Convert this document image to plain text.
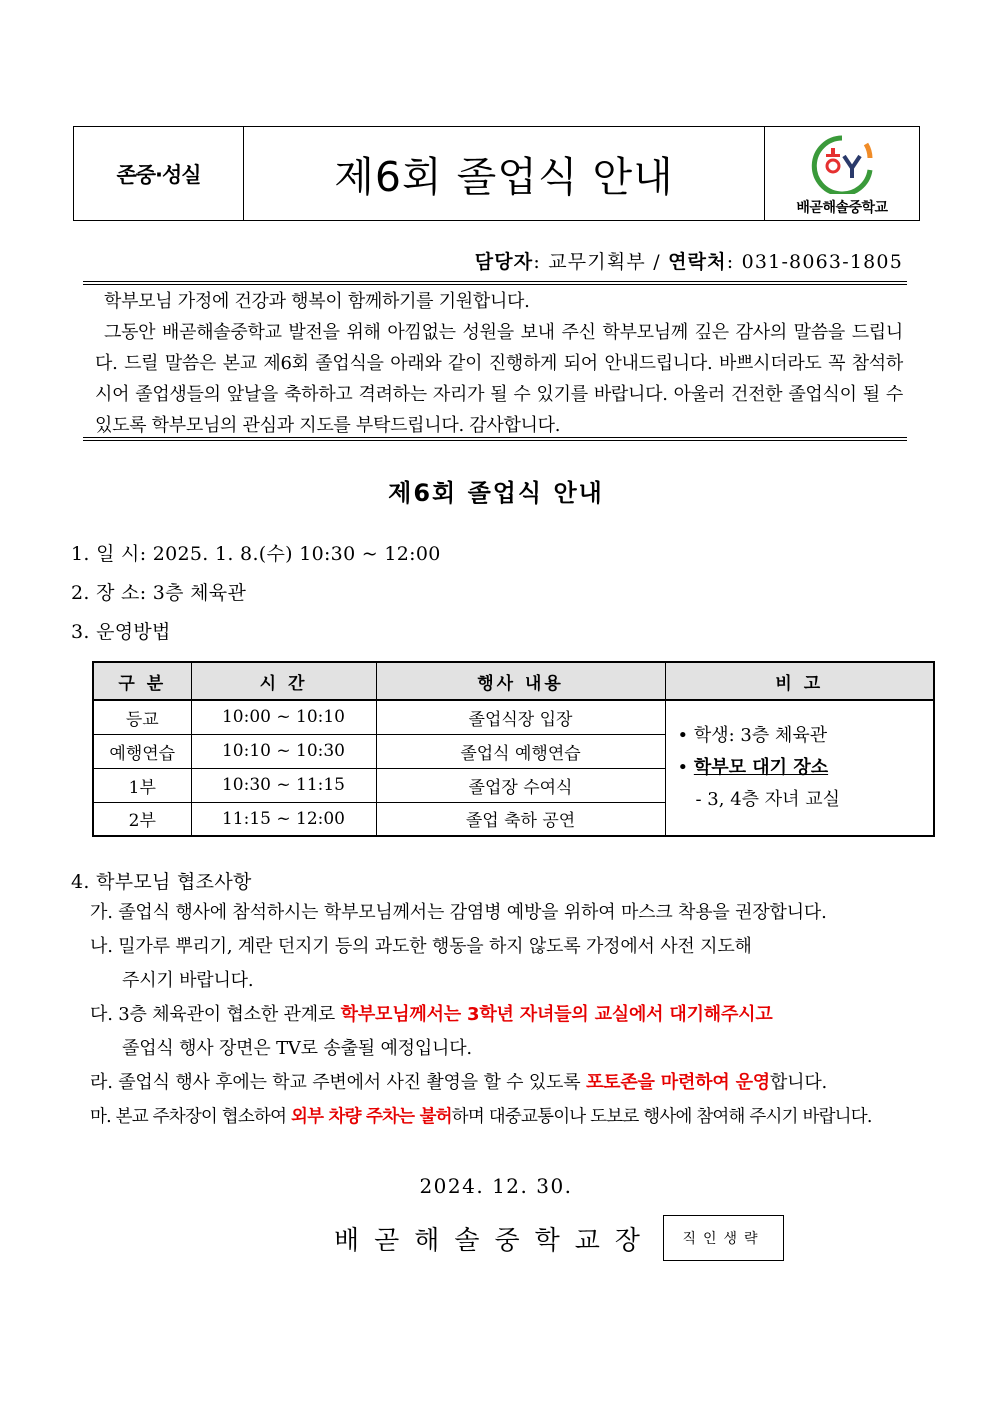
존중·성실	제6회 졸업식 안내
배곧해솔중학교
담당자: 교무기획부 / 연락처: 031-8063-1805

학부모님 가정에 건강과 행복이 함께하기를 기원합니다.

그동안 배곧해솔중학교 발전을 위해 아낌없는 성원을 보내 주신 학부모님께 깊은 감사의 말씀을 드립니다. 드릴 말씀은 본교 제6회 졸업식을 아래와 같이 진행하게 되어 안내드립니다. 바쁘시더라도 꼭 참석하시어 졸업생들의 앞날을 축하하고 격려하는 자리가 될 수 있기를 바랍니다. 아울러 건전한 졸업식이 될 수 있도록 학부모님의 관심과 지도를 부탁드립니다. 감사합니다.

제6회 졸업식 안내
1. 일 시: 2025. 1. 8.(수) 10:30 ~ 12:00
2. 장 소: 3층 체육관
3. 운영방법
구 분	시 간	행사 내용	비 고
등교	10:00 ~ 10:10	졸업식장 입장	• 학생: 3층 체육관
• 학부모 대기 장소
- 3, 4층 자녀 교실

예행연습	10:10 ~ 10:30	졸업식 예행연습	
1부	10:30 ~ 11:15	졸업장 수여식	
2부	11:15 ~ 12:00	졸업 축하 공연	
4. 학부모님 협조사항
가. 졸업식 행사에 참석하시는 학부모님께서는 감염병 예방을 위하여 마스크 착용을 권장합니다.
나. 밀가루 뿌리기, 계란 던지기 등의 과도한 행동을 하지 않도록 가정에서 사전 지도해
주시기 바랍니다.
다. 3층 체육관이 협소한 관계로 학부모님께서는 3학년 자녀들의 교실에서 대기해주시고
졸업식 행사 장면은 TV로 송출될 예정입니다.
라. 졸업식 행사 후에는 학교 주변에서 사진 촬영을 할 수 있도록 포토존을 마련하여 운영합니다.
마. 본교 주차장이 협소하여 외부 차량 주차는 불허하며 대중교통이나 도보로 행사에 참여해 주시기 바랍니다.
2024. 12. 30.
배곧해솔중학교장	직인생략
